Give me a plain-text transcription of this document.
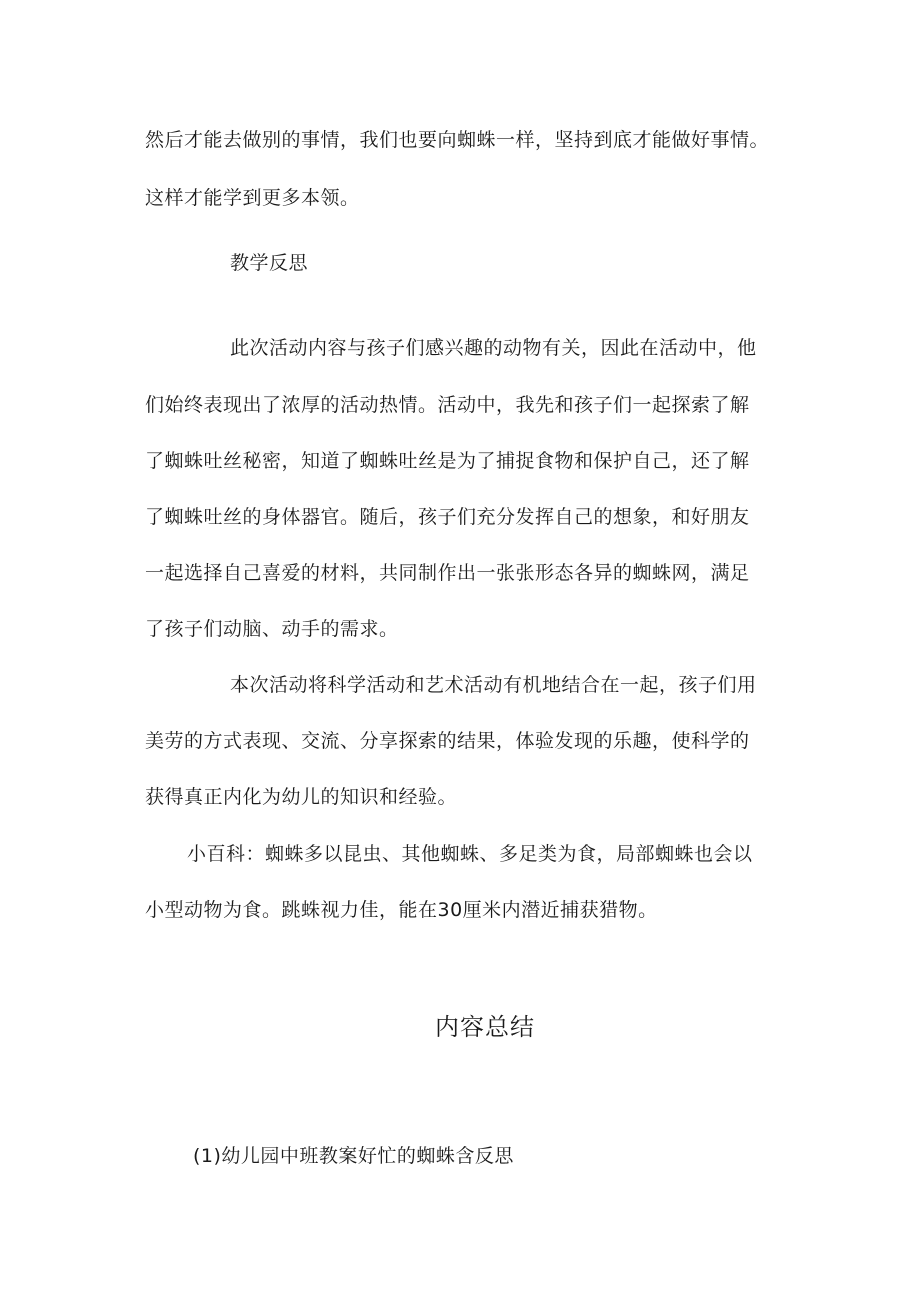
然后才能去做别的事情，我们也要向蜘蛛一样，坚持到底才能做好事情。
这样才能学到更多本领。
教学反思
此次活动内容与孩子们感兴趣的动物有关，因此在活动中，他
们始终表现出了浓厚的活动热情。活动中，我先和孩子们一起探索了解
了蜘蛛吐丝秘密，知道了蜘蛛吐丝是为了捕捉食物和保护自己，还了解
了蜘蛛吐丝的身体器官。随后，孩子们充分发挥自己的想象，和好朋友
一起选择自己喜爱的材料，共同制作出一张张形态各异的蜘蛛网，满足
了孩子们动脑、动手的需求。
本次活动将科学活动和艺术活动有机地结合在一起，孩子们用
美劳的方式表现、交流、分享探索的结果，体验发现的乐趣，使科学的
获得真正内化为幼儿的知识和经验。
小百科：蜘蛛多以昆虫、其他蜘蛛、多足类为食，局部蜘蛛也会以
小型动物为食。跳蛛视力佳，能在30厘米内潜近捕获猎物。
内容总结
(1)幼儿园中班教案好忙的蜘蛛含反思
